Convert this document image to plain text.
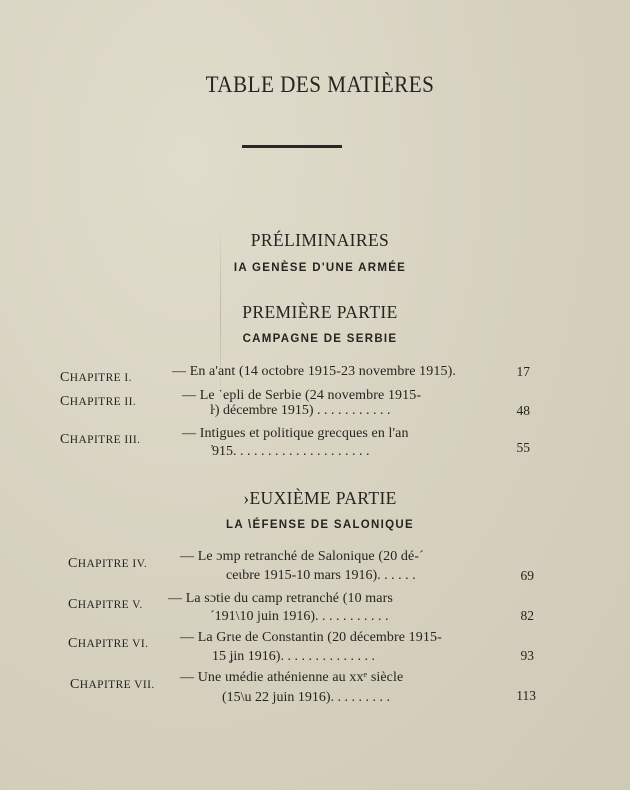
TABLE DES MATIÈRES
PRÉLIMINAIRES
IA GENÈSE D'UNE ARMÉE
PREMIÈRE PARTIE
CAMPAGNE DE SERBIE
CHAPITRE I.	— En a'ant (14 octobre 1915-23 novembre 1915).	17
CHAPITRE II.	— Le ˙epli de Serbie (24 novembre 1915-
ŀ) décembre 1915) . . . . . . . . . . .	48
CHAPITRE III.	— Intigues et politique grecques en l'an
̓915. . . . . . . . . . . . . . . . . . . .	55
›EUXIÈME PARTIE
LA \ÉFENSE DE SALONIQUE
CHAPITRE IV. — Le ɔmp retranché de Salonique (20 dé-ˊ
ceɩbre 1915-10 mars 1916). . . . . .	69
CHAPITRE V. — La sɔtie du camp retranché (10 mars
ˊ191\10 juin 1916). . . . . . . . . . .	82
CHAPITRE VI. — La Grɩe de Constantin (20 décembre 1915-
15 ʝin 1916). . . . . . . . . . . . . .	93
CHAPITRE VII. — Une ɩmédie athénienne au xxᵉ siècle
(15\u 22 juin 1916). . . . . . . . .	113
